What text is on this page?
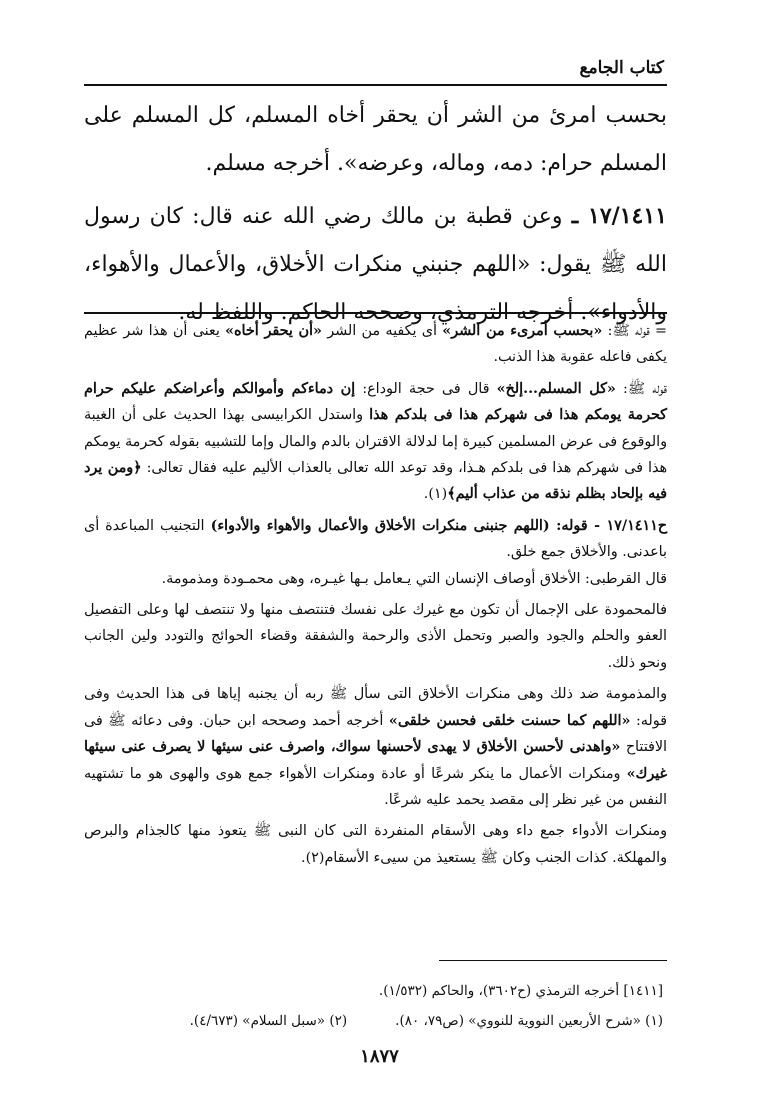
كتاب الجامع

بحسب امرئ من الشر أن يحقر أخاه المسلم، كل المسلم على المسلم حرام: دمه، وماله، وعرضه». أخرجه مسلم.

١٧/١٤١١ ـ وعن قطبة بن مالك رضي الله عنه قال: كان رسول الله ﷺ يقول: «اللهم جنبني منكرات الأخلاق، والأعمال والأهواء، والأدواء». أخرجه الترمذي، وصححه الحاكم. واللفظ له.

= قوله ﷺ: «بحسب أمرىء من الشر» أى يكفيه من الشر «أن يحقر أخاه» يعنى أن هذا شر عظيم يكفى فاعله عقوبة هذا الذنب.

قوله ﷺ: «كل المسلم...إلخ» قال فى حجة الوداع: إن دماءكم وأموالكم وأعراضكم عليكم حرام كحرمة يومكم هذا فى شهركم هذا فى بلدكم هذا واستدل الكرابيسى بهذا الحديث على أن الغيبة والوقوع فى عرض المسلمين كبيرة إما لدلالة الاقتران بالدم والمال وإما للتشبيه بقوله كحرمة يومكم هذا فى شهركم هذا فى بلدكم هـذا، وقد توعد الله تعالى بالعذاب الأليم عليه فقال تعالى: ﴿ومن يرد فيه بإلحاد بظلم نذقه من عذاب أليم﴾(١).

ح١٧/١٤١١ - قوله: (اللهم جنبنى منكرات الأخلاق والأعمال والأهواء والأدواء) التجنيب المباعدة أى باعدنى. والأخلاق جمع خلق.

قال القرطبى: الأخلاق أوصاف الإنسان التي يـعامل بـها غيـره، وهى محمـودة ومذمومة.

فالمحمودة على الإجمال أن تكون مع غيرك على نفسك فتنتصف منها ولا تنتصف لها وعلى التفصيل العفو والحلم والجود والصبر وتحمل الأذى والرحمة والشفقة وقضاء الحوائج والتودد ولين الجانب ونحو ذلك.

والمذمومة ضد ذلك وهى منكرات الأخلاق التى سأل ﷺ ربه أن يجنبه إياها فى هذا الحديث وفى قوله: «اللهم كما حسنت خلقى فحسن خلقى» أخرجه أحمد وصححه ابن حبان. وفى دعائه ﷺ فى الافتتاح «واهدنى لأحسن الأخلاق لا يهدى لأحسنها سواك، واصرف عنى سيئها لا يصرف عنى سيئها غيرك» ومنكرات الأعمال ما ينكر شرعًا أو عادة ومنكرات الأهواء جمع هوى والهوى هو ما تشتهيه النفس من غير نظر إلى مقصد يحمد عليه شرعًا.

ومنكرات الأدواء جمع داء وهى الأسقام المنفردة التى كان النبى ﷺ يتعوذ منها كالجذام والبرص والمهلكة. كذات الجنب وكان ﷺ يستعيذ من سيىء الأسقام(٢).

[١٤١١] أخرجه الترمذي (ح٣٦٠٢)، والحاكم (١/٥٣٢).

(١) «شرح الأربعين النووية للنووي» (ص٧٩، ٨٠).(٢) «سبل السلام» (٤/٦٧٣).

١٨٧٧
